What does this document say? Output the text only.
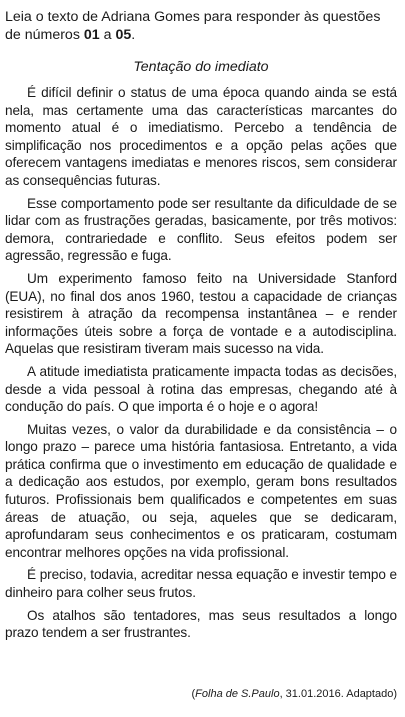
Leia o texto de Adriana Gomes para responder às questões de números 01 a 05.

Tentação do imediato

É difícil definir o status de uma época quando ainda se está nela, mas certamente uma das características marcantes do momento atual é o imediatismo. Percebo a tendência de simplificação nos procedimentos e a opção pelas ações que oferecem vantagens imediatas e menores riscos, sem considerar as consequências futuras.

Esse comportamento pode ser resultante da dificuldade de se lidar com as frustrações geradas, basicamente, por três motivos: demora, contrariedade e conflito. Seus efeitos podem ser agressão, regressão e fuga.

Um experimento famoso feito na Universidade Stanford (EUA), no final dos anos 1960, testou a capacidade de crianças resistirem à atração da recompensa instantânea – e render informações úteis sobre a força de vontade e a autodisciplina. Aquelas que resistiram tiveram mais sucesso na vida.

A atitude imediatista praticamente impacta todas as decisões, desde a vida pessoal à rotina das empresas, chegando até à condução do país. O que importa é o hoje e o agora!

Muitas vezes, o valor da durabilidade e da consistência – o longo prazo – parece uma história fantasiosa. Entretanto, a vida prática confirma que o investimento em educação de qualidade e a dedicação aos estudos, por exemplo, geram bons resultados futuros. Profissionais bem qualificados e competentes em suas áreas de atuação, ou seja, aqueles que se dedicaram, aprofundaram seus conhecimentos e os praticaram, costumam encontrar melhores opções na vida profissional.

É preciso, todavia, acreditar nessa equação e investir tempo e dinheiro para colher seus frutos.

Os atalhos são tentadores, mas seus resultados a longo prazo tendem a ser frustrantes.

(Folha de S.Paulo, 31.01.2016. Adaptado)
